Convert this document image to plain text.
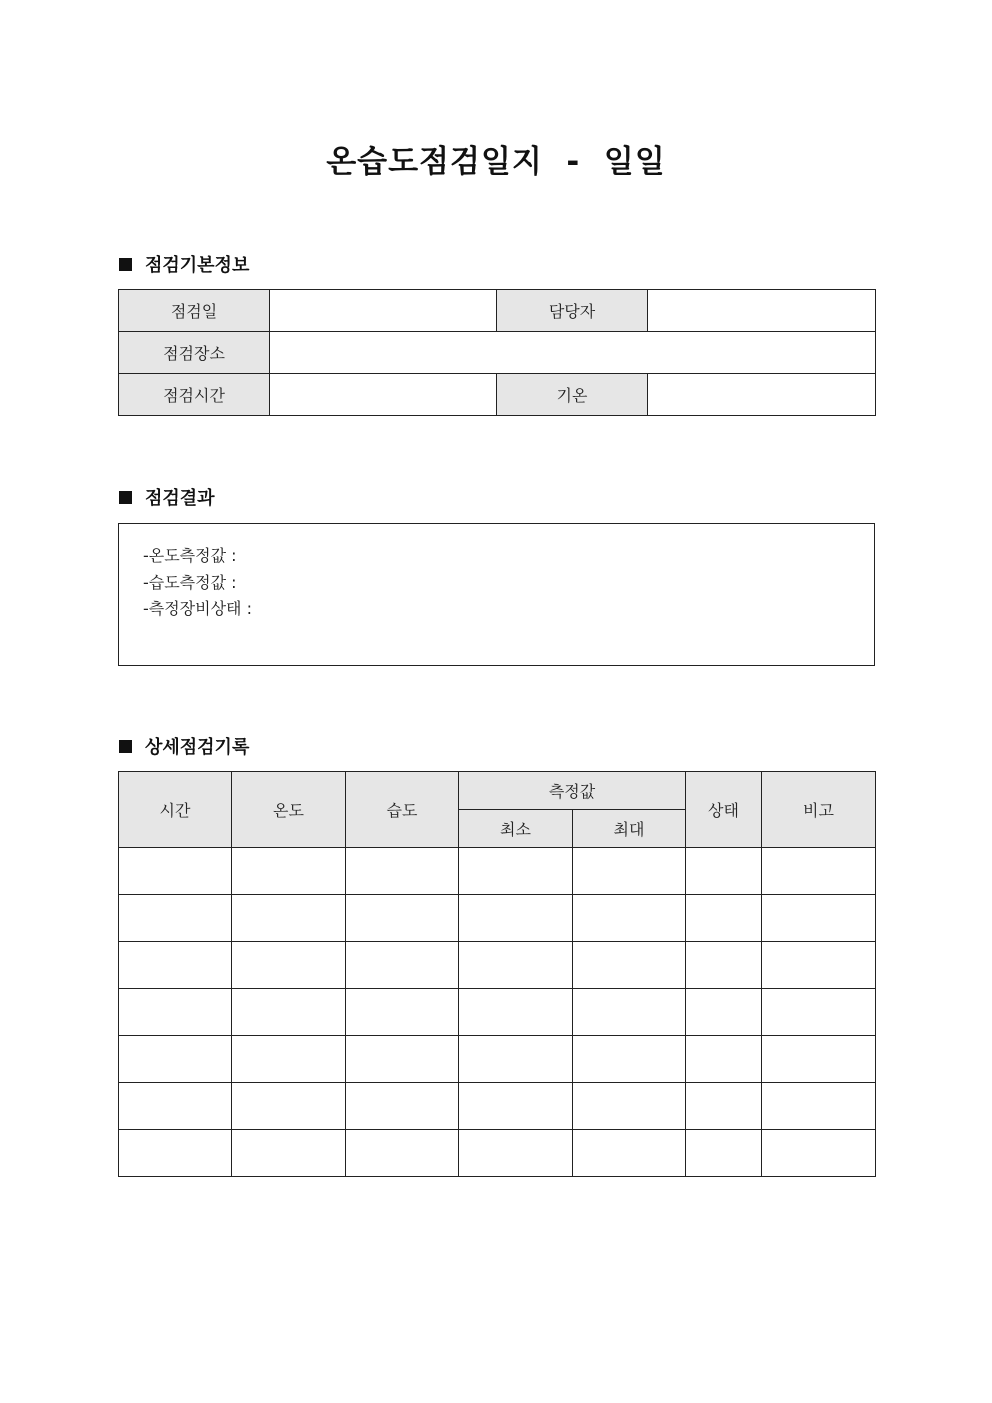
온습도점검일지  -  일일
점검기본정보
점검일		담당자	
점검장소			
점검시간		기온	
점검결과
-온도측정값 :
-습도측정값 :
-측정장비상태 :
상세점검기록
시간	온도	습도	측정값		상태	비고
			최소	최대		
